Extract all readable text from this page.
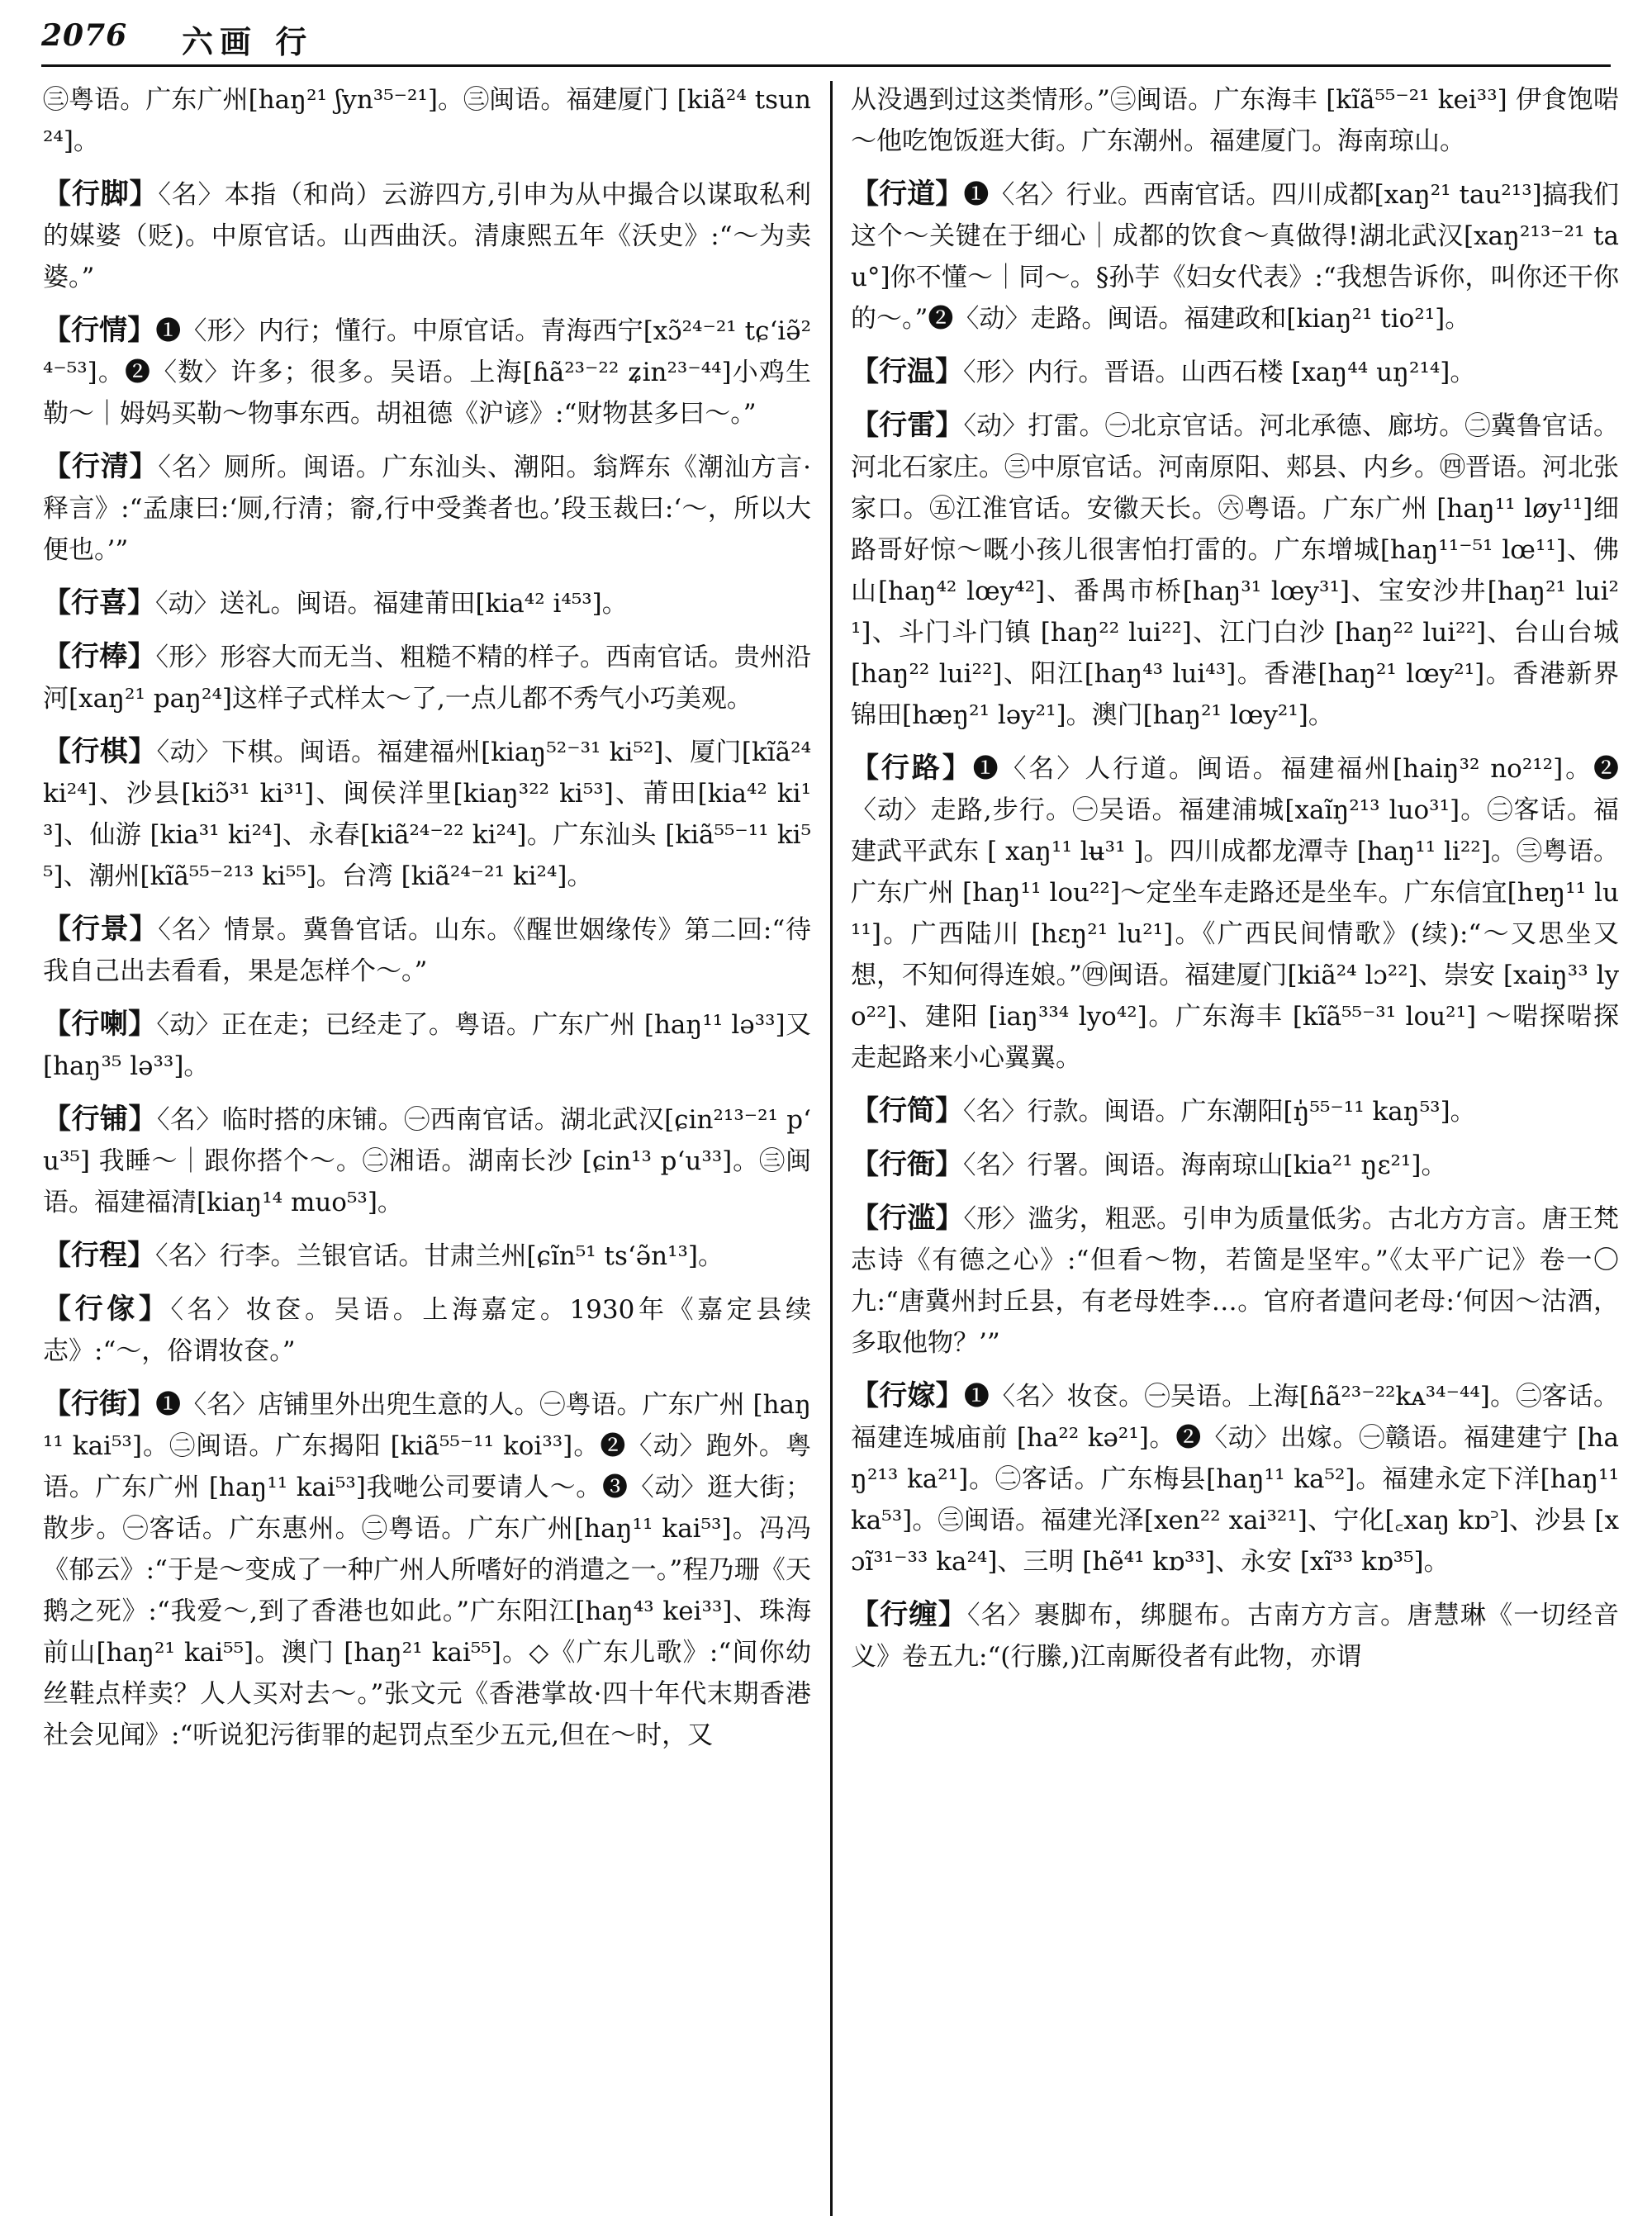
2076 六画 行

㊂粤语。广东广州[haŋ²¹ ʃyn³⁵⁻²¹]。㊂闽语。福建厦门 [kiã²⁴ tsun²⁴]。

【行脚】〈名〉本指（和尚）云游四方,引申为从中撮合以谋取私利的媒婆（贬)。中原官话。山西曲沃。清康熙五年《沃史》:“～为卖婆。”

【行情】❶〈形〉内行；懂行。中原官话。青海西宁[xɔ̃²⁴⁻²¹ tɕʻiə̃²⁴⁻⁵³]。❷〈数〉许多；很多。吴语。上海[ɦã²³⁻²² ʑin²³⁻⁴⁴]小鸡生勒～｜姆妈买勒～物事东西。胡祖德《沪谚》:“财物甚多曰～。”

【行清】〈名〉厕所。闽语。广东汕头、潮阳。翁辉东《潮汕方言·释言》:“孟康曰:‘厕,行清；窬,行中受粪者也。’段玉裁曰:‘～，所以大便也。’”

【行喜】〈动〉送礼。闽语。福建莆田[kia⁴² i⁴⁵³]。

【行棒】〈形〉形容大而无当、粗糙不精的样子。西南官话。贵州沿河[xaŋ²¹ paŋ²⁴]这样子式样太～了,一点儿都不秀气小巧美观。

【行棋】〈动〉下棋。闽语。福建福州[kiaŋ⁵²⁻³¹ ki⁵²]、厦门[kĩã²⁴ ki²⁴]、沙县[kiɔ̃³¹ ki³¹]、闽侯洋里[kiaŋ³²² ki⁵³]、莆田[kia⁴² ki¹³]、仙游 [kia³¹ ki²⁴]、永春[kiã²⁴⁻²² ki²⁴]。广东汕头 [kiã⁵⁵⁻¹¹ ki⁵⁵]、潮州[kĩã⁵⁵⁻²¹³ ki⁵⁵]。台湾 [kiã²⁴⁻²¹ ki²⁴]。

【行景】〈名〉情景。冀鲁官话。山东。《醒世姻缘传》第二回:“待我自己出去看看，果是怎样个～。”

【行喇】〈动〉正在走；已经走了。粤语。广东广州 [haŋ¹¹ lə³³]又[haŋ³⁵ lə³³]。

【行铺】〈名〉临时搭的床铺。㊀西南官话。湖北武汉[ɕin²¹³⁻²¹ pʻu³⁵] 我睡～｜跟你搭个～。㊁湘语。湖南长沙 [ɕin¹³ pʻu³³]。㊂闽语。福建福清[kiaŋ¹⁴ muo⁵³]。

【行程】〈名〉行李。兰银官话。甘肃兰州[ɕĩn⁵¹ tsʻə̃n¹³]。

【行傢】〈名〉妆奁。吴语。上海嘉定。1930年《嘉定县续志》:“～，俗谓妆奁。”

【行街】❶〈名〉店铺里外出兜生意的人。㊀粤语。广东广州 [haŋ¹¹ kai⁵³]。㊁闽语。广东揭阳 [kiã⁵⁵⁻¹¹ koi³³]。❷〈动〉跑外。粤语。广东广州 [haŋ¹¹ kai⁵³]我哋公司要请人～。❸〈动〉逛大街；散步。㊀客话。广东惠州。㊁粤语。广东广州[haŋ¹¹ kai⁵³]。冯冯《郁云》:“于是～变成了一种广州人所嗜好的消遣之一。”程乃珊《天鹅之死》:“我爱～,到了香港也如此。”广东阳江[haŋ⁴³ kei³³]、珠海前山[haŋ²¹ kai⁵⁵]。澳门 [haŋ²¹ kai⁵⁵]。◇《广东儿歌》:“间你幼丝鞋点样卖？人人买对去～。”张文元《香港掌故·四十年代末期香港社会见闻》:“听说犯污街罪的起罚点至少五元,但在～时，又

从没遇到过这类情形。”㊂闽语。广东海丰 [kĩã⁵⁵⁻²¹ kei³³] 伊食饱啱～他吃饱饭逛大街。广东潮州。福建厦门。海南琼山。

【行道】❶〈名〉行业。西南官话。四川成都[xaŋ²¹ tau²¹³]搞我们这个～关键在于细心｜成都的饮食～真做得!湖北武汉[xaŋ²¹³⁻²¹ tau°]你不懂～｜同～。§孙芋《妇女代表》:“我想告诉你，叫你还干你的～。”❷〈动〉走路。闽语。福建政和[kiaŋ²¹ tio²¹]。

【行温】〈形〉内行。晋语。山西石楼 [xaŋ⁴⁴ uŋ²¹⁴]。

【行雷】〈动〉打雷。㊀北京官话。河北承德、廊坊。㊁冀鲁官话。河北石家庄。㊂中原官话。河南原阳、郏县、内乡。㊃晋语。河北张家口。㊄江淮官话。安徽天长。㊅粤语。广东广州 [haŋ¹¹ løy¹¹]细路哥好惊～嘅小孩儿很害怕打雷的。广东增城[haŋ¹¹⁻⁵¹ lœ¹¹]、佛山[haŋ⁴² lœy⁴²]、番禺市桥[haŋ³¹ lœy³¹]、宝安沙井[haŋ²¹ lui²¹]、斗门斗门镇 [haŋ²² lui²²]、江门白沙 [haŋ²² lui²²]、台山台城[haŋ²² lui²²]、阳江[haŋ⁴³ lui⁴³]。香港[haŋ²¹ lœy²¹]。香港新界锦田[hæŋ²¹ ləy²¹]。澳门[haŋ²¹ lœy²¹]。

【行路】❶〈名〉人行道。闽语。福建福州[haiŋ³² no²¹²]。❷〈动〉走路,步行。㊀吴语。福建浦城[xaĩŋ²¹³ luo³¹]。㊁客话。福建武平武东 [ xaŋ¹¹ lʉ³¹ ]。四川成都龙潭寺 [haŋ¹¹ li²²]。㊂粤语。广东广州 [haŋ¹¹ lou²²]～定坐车走路还是坐车。广东信宜[hɐŋ¹¹ lu¹¹]。广西陆川 [hɛŋ²¹ lu²¹]。《广西民间情歌》(续):“～又思坐又想，不知何得连娘。”㊃闽语。福建厦门[kiã²⁴ lɔ²²]、崇安 [xaiŋ³³ lyo²²]、建阳 [iaŋ³³⁴ lyo⁴²]。广东海丰 [kĩã⁵⁵⁻³¹ lou²¹] ～啱探啱探走起路来小心翼翼。

【行简】〈名〉行款。闽语。广东潮阳[ŋ̍⁵⁵⁻¹¹ kaŋ⁵³]。

【行衙】〈名〉行署。闽语。海南琼山[kia²¹ ŋɛ²¹]。

【行滥】〈形〉滥劣，粗恶。引申为质量低劣。古北方方言。唐王梵志诗《有德之心》:“但看～物，若箇是坚牢。”《太平广记》卷一〇九:“唐冀州封丘县，有老母姓李…。官府者遣问老母:‘何因～沽酒，多取他物？’”

【行嫁】❶〈名〉妆奁。㊀吴语。上海[ɦã²³⁻²²kᴀ³⁴⁻⁴⁴]。㊁客话。福建连城庙前 [ha²² kə²¹]。❷〈动〉出嫁。㊀赣语。福建建宁 [haŋ²¹³ ka²¹]。㊁客话。广东梅县[haŋ¹¹ ka⁵²]。福建永定下洋[haŋ¹¹ ka⁵³]。㊂闽语。福建光泽[xen²² xai³²¹]、宁化[꜀xaŋ kɒ꜄]、沙县 [xɔĩ³¹⁻³³ ka²⁴]、三明 [hẽ⁴¹ kɒ³³]、永安 [xĩ³³ kɒ³⁵]。

【行缠】〈名〉裹脚布，绑腿布。古南方方言。唐慧琳《一切经音义》卷五九:“(行縢,)江南厮役者有此物，亦谓
